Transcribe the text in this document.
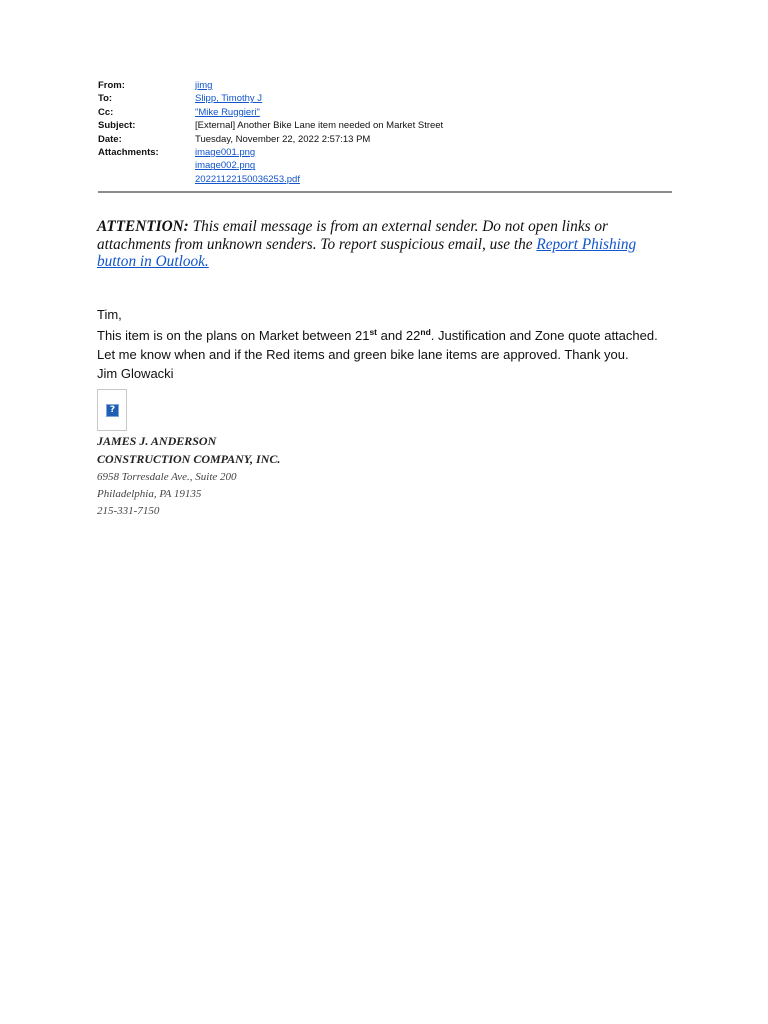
From:	jimg
To:	Slipp, Timothy J
Cc:	"Mike Ruggieri"
Subject:	[External] Another Bike Lane item needed on Market Street
Date:	Tuesday, November 22, 2022 2:57:13 PM
Attachments:	image001.png
image002.png
20221122150036253.pdf
ATTENTION: This email message is from an external sender. Do not open links or attachments from unknown senders. To report suspicious email, use the Report Phishing button in Outlook.
Tim,
This item is on the plans on Market between 21st and 22nd. Justification and Zone quote attached.
Let me know when and if the Red items and green bike lane items are approved. Thank you.
Jim Glowacki
?
JAMES J. ANDERSON
CONSTRUCTION COMPANY, INC.
6958 Torresdale Ave., Suite 200
Philadelphia, PA 19135
215-331-7150
